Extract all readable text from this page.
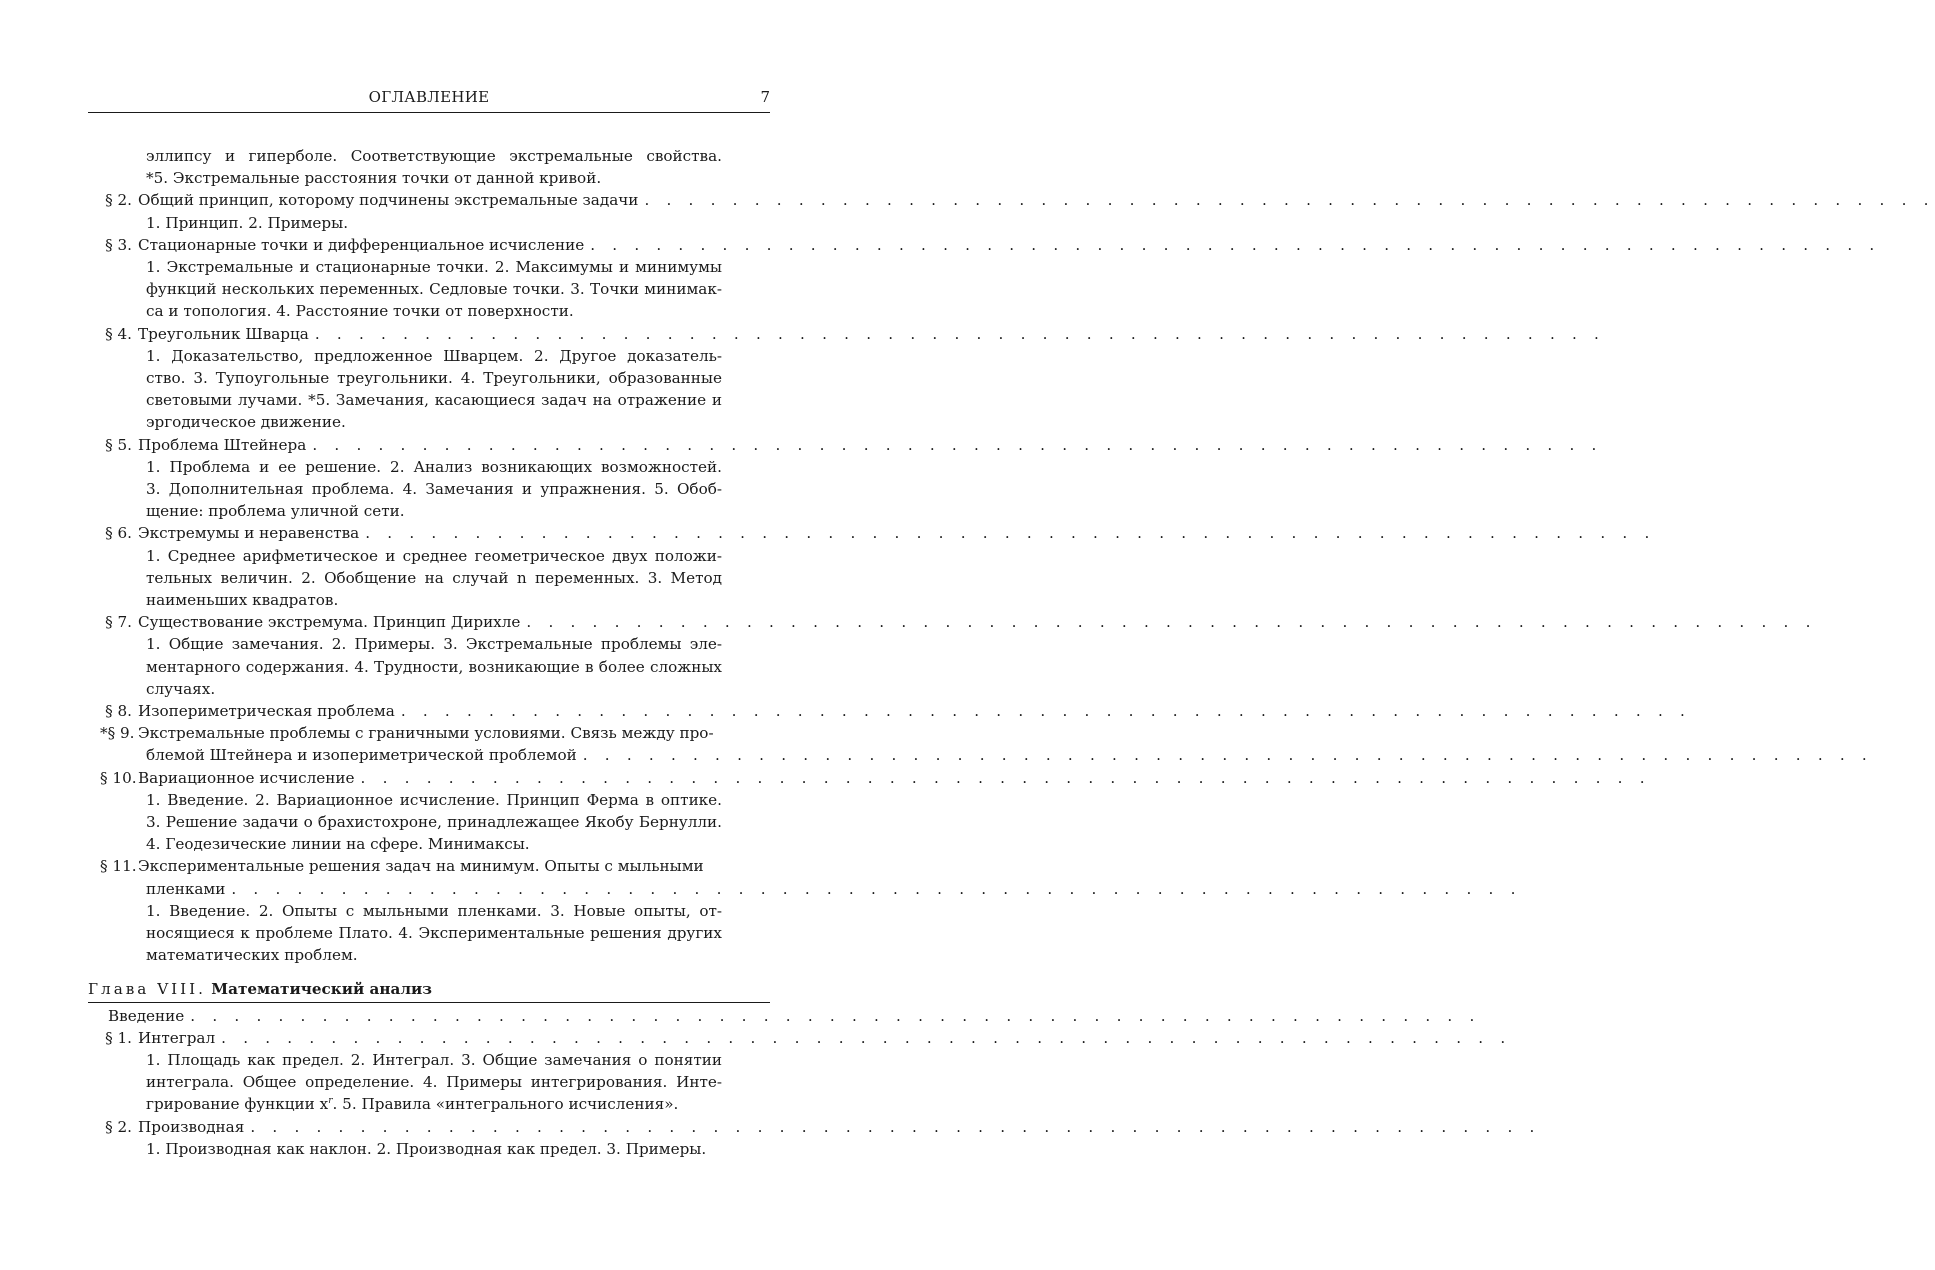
ОГЛАВЛЕНИЕ	7
эллипсу и гиперболе. Соответствующие экстремальные свойства.
*5. Экстремальные расстояния точки от данной кривой.
§ 2. Общий принцип, которому подчинены экстремальные задачи . . . . . . . . . . . . . . . . . . . . . . . . . . . . . . . . . . . . . . . . . . . . . . . . . . . . . . . . . . .
1. Принцип. 2. Примеры.
§ 3. Стационарные точки и дифференциальное исчисление . . . . . . . . . . . . . . . . . . . . . . . . . . . . . . . . . . . . . . . . . . . . . . . . . . . . . . . . . . .
1. Экстремальные и стационарные точки. 2. Максимумы и минимумы
функций нескольких переменных. Седловые точки. 3. Точки минимак-
са и топология. 4. Расстояние точки от поверхности.
§ 4. Треугольник Шварца . . . . . . . . . . . . . . . . . . . . . . . . . . . . . . . . . . . . . . . . . . . . . . . . . . . . . . . . . . .
1. Доказательство, предложенное Шварцем. 2. Другое доказатель-
ство. 3. Тупоугольные треугольники. 4. Треугольники, образованные
световыми лучами. *5. Замечания, касающиеся задач на отражение и
эргодическое движение.
§ 5. Проблема Штейнера . . . . . . . . . . . . . . . . . . . . . . . . . . . . . . . . . . . . . . . . . . . . . . . . . . . . . . . . . . .
1. Проблема и ее решение. 2. Анализ возникающих возможностей.
3. Дополнительная проблема. 4. Замечания и упражнения. 5. Обоб-
щение: проблема уличной сети.
§ 6. Экстремумы и неравенства . . . . . . . . . . . . . . . . . . . . . . . . . . . . . . . . . . . . . . . . . . . . . . . . . . . . . . . . . . .
1. Среднее арифметическое и среднее геометрическое двух положи-
тельных величин. 2. Обобщение на случай n переменных. 3. Метод
наименьших квадратов.
§ 7. Существование экстремума. Принцип Дирихле . . . . . . . . . . . . . . . . . . . . . . . . . . . . . . . . . . . . . . . . . . . . . . . . . . . . . . . . . . .
1. Общие замечания. 2. Примеры. 3. Экстремальные проблемы эле-
ментарного содержания. 4. Трудности, возникающие в более сложных
случаях.
§ 8. Изопериметрическая проблема . . . . . . . . . . . . . . . . . . . . . . . . . . . . . . . . . . . . . . . . . . . . . . . . . . . . . . . . . . .
*§ 9. Экстремальные проблемы с граничными условиями. Связь между про-
блемой Штейнера и изопериметрической проблемой . . . . . . . . . . . . . . . . . . . . . . . . . . . . . . . . . . . . . . . . . . . . . . . . . . . . . . . . . . .
§ 10. Вариационное исчисление . . . . . . . . . . . . . . . . . . . . . . . . . . . . . . . . . . . . . . . . . . . . . . . . . . . . . . . . . . .
1. Введение. 2. Вариационное исчисление. Принцип Ферма в оптике.
3. Решение задачи о брахистохроне, принадлежащее Якобу Бернулли.
4. Геодезические линии на сфере. Минимаксы.
§ 11. Экспериментальные решения задач на минимум. Опыты с мыльными
пленками . . . . . . . . . . . . . . . . . . . . . . . . . . . . . . . . . . . . . . . . . . . . . . . . . . . . . . . . . . .
1. Введение. 2. Опыты с мыльными пленками. 3. Новые опыты, от-
носящиеся к проблеме Плато. 4. Экспериментальные решения других
математических проблем.
Глава VIII. Математический анализ
Введение . . . . . . . . . . . . . . . . . . . . . . . . . . . . . . . . . . . . . . . . . . . . . . . . . . . . . . . . . . .
§ 1. Интеграл . . . . . . . . . . . . . . . . . . . . . . . . . . . . . . . . . . . . . . . . . . . . . . . . . . . . . . . . . . .
1. Площадь как предел. 2. Интеграл. 3. Общие замечания о понятии
интеграла. Общее определение. 4. Примеры интегрирования. Инте-
грирование функции $x^r$. 5. Правила «интегрального исчисления».
§ 2. Производная . . . . . . . . . . . . . . . . . . . . . . . . . . . . . . . . . . . . . . . . . . . . . . . . . . . . . . . . . . .
1. Производная как наклон. 2. Производная как предел. 3. Примеры.
